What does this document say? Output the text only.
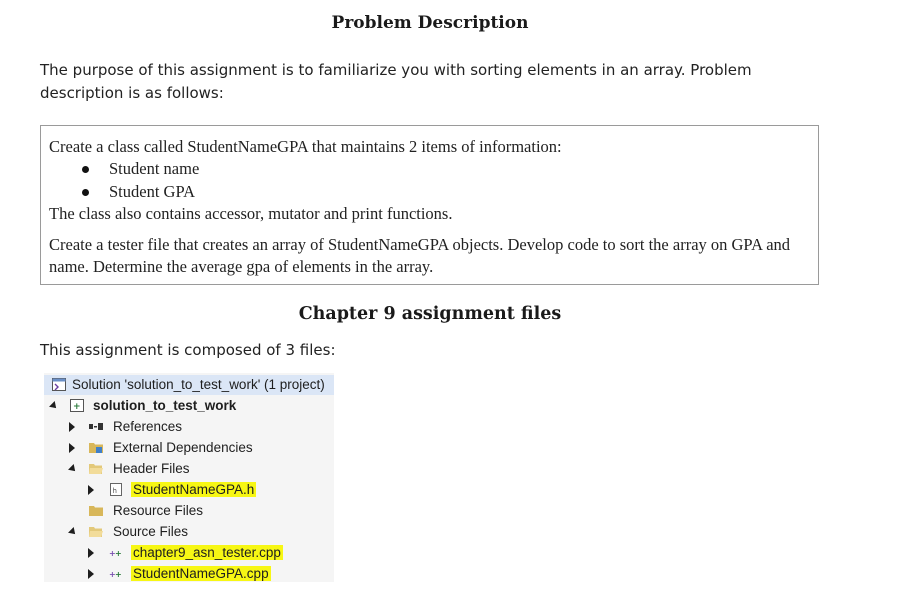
Problem Description
The purpose of this assignment is to familiarize you with sorting elements in an array. Problem description is as follows:

Create a class called StudentNameGPA that maintains 2 items of information:

Student name
Student GPA

The class also contains accessor, mutator and print functions.

Create a tester file that creates an array of StudentNameGPA objects. Develop code to sort the array on GPA and name. Determine the average gpa of elements in the array.

Chapter 9 assignment files
This assignment is composed of 3 files:
Solution 'solution_to_test_work' (1 project)
+ solution_to_test_work
References
External Dependencies
Header Files
h StudentNameGPA.h
Resource Files
Source Files
+ + chapter9_asn_tester.cpp
+ + StudentNameGPA.cpp
